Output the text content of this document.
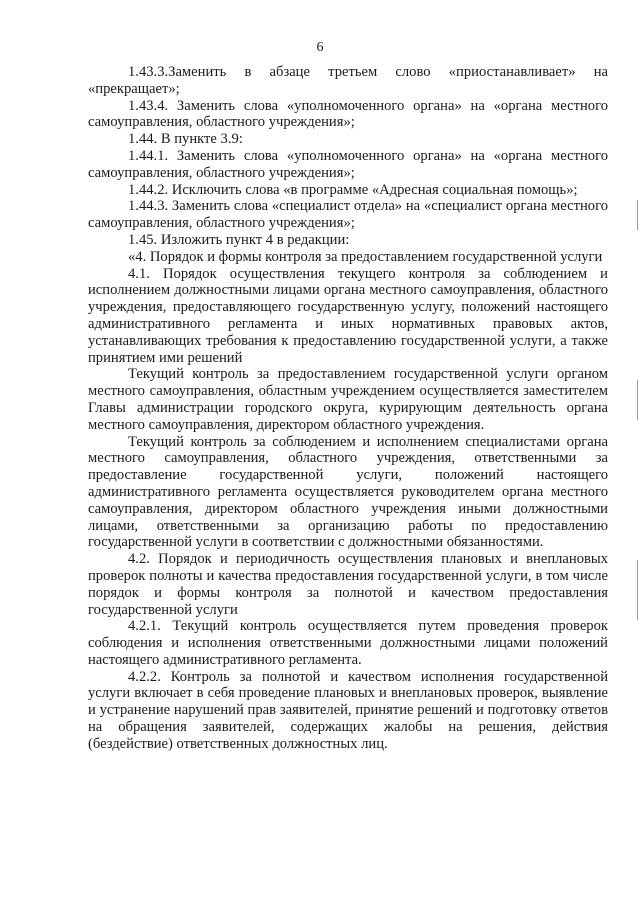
6

1.43.3.Заменить в абзаце третьем слово «приостанавливает» на «прекращает»;

1.43.4. Заменить слова «уполномоченного органа» на «органа местного самоуправления, областного учреждения»;

1.44. В пункте 3.9:

1.44.1. Заменить слова «уполномоченного органа» на «органа местного самоуправления, областного учреждения»;

1.44.2. Исключить слова «в программе «Адресная социальная помощь»;

1.44.3. Заменить слова «специалист отдела» на «специалист органа местного самоуправления, областного учреждения»;

1.45. Изложить пункт 4 в редакции:

«4. Порядок и формы контроля за предоставлением государственной услуги

4.1. Порядок осуществления текущего контроля за соблюдением и исполнением должностными лицами органа местного самоуправления, областного учреждения, предоставляющего государственную услугу, положений настоящего административного регламента и иных нормативных правовых актов, устанавливающих требования к предоставлению государственной услуги, а также принятием ими решений

Текущий контроль за предоставлением государственной услуги органом местного самоуправления, областным учреждением осуществляется заместителем Главы администрации городского округа, курирующим деятельность органа местного самоуправления, директором областного учреждения.

Текущий контроль за соблюдением и исполнением специалистами органа местного самоуправления, областного учреждения, ответственными за предоставление государственной услуги, положений настоящего административного регламента осуществляется руководителем органа местного самоуправления, директором областного учреждения иными должностными лицами, ответственными за организацию работы по предоставлению государственной услуги в соответствии с должностными обязанностями.

4.2. Порядок и периодичность осуществления плановых и внеплановых проверок полноты и качества предоставления государственной услуги, в том числе порядок и формы контроля за полнотой и качеством предоставления государственной услуги

4.2.1. Текущий контроль осуществляется путем проведения проверок соблюдения и исполнения ответственными должностными лицами положений настоящего административного регламента.

4.2.2. Контроль за полнотой и качеством исполнения государственной услуги включает в себя проведение плановых и внеплановых проверок, выявление и устранение нарушений прав заявителей, принятие решений и подготовку ответов на обращения заявителей, содержащих жалобы на решения, действия (бездействие) ответственных должностных лиц.
